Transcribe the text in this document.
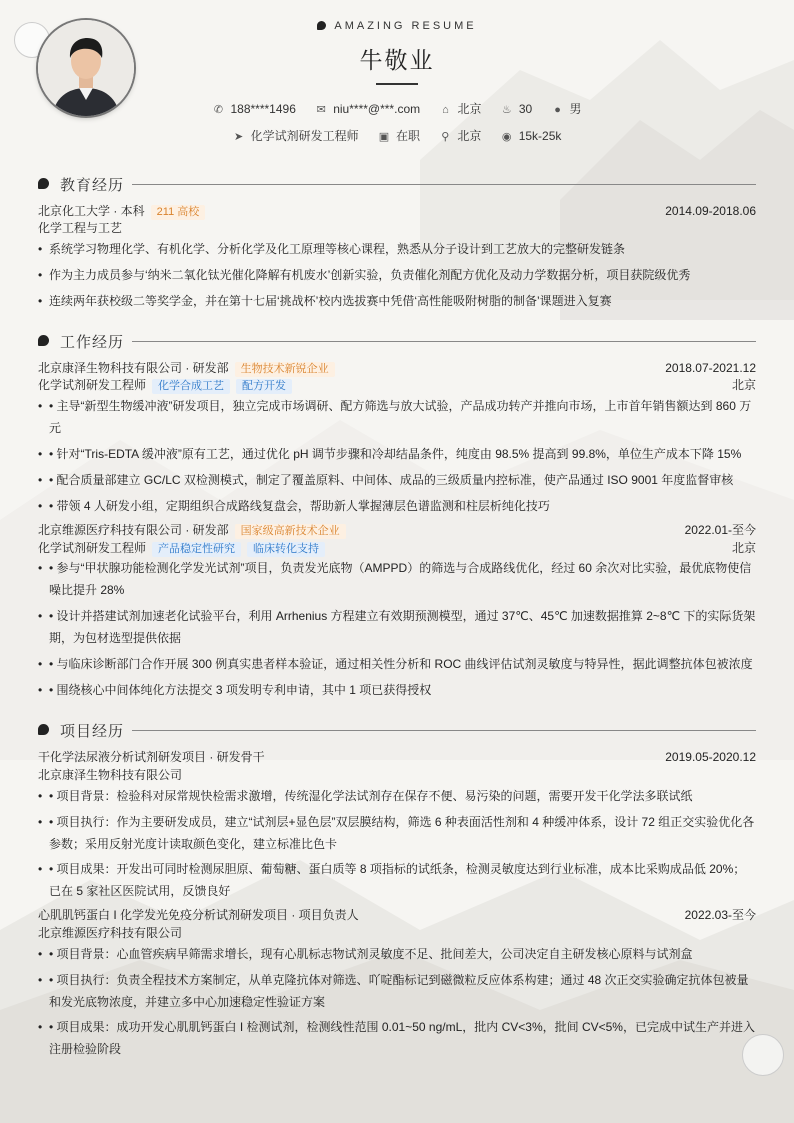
AMAZING RESUME
牛敬业
✆ 188****1496 ✉ niu****@***.com ⌂ 北京 ♨ 30 ● 男
➤ 化学试剂研发工程师 ▣ 在职 ⚲ 北京 ◉ 15k-25k
教育经历
北京化工大学 · 本科 211 高校	2014.09-2018.06
化学工程与工艺
• 系统学习物理化学、有机化学、分析化学及化工原理等核心课程，熟悉从分子设计到工艺放大的完整研发链条
• 作为主力成员参与‘纳米二氧化钛光催化降解有机废水’创新实验，负责催化剂配方优化及动力学数据分析，项目获院级优秀
• 连续两年获校级二等奖学金，并在第十七届‘挑战杯’校内选拔赛中凭借‘高性能吸附树脂的制备’课题进入复赛
工作经历
北京康泽生物科技有限公司 · 研发部 生物技术新锐企业	2018.07-2021.12
化学试剂研发工程师 化学合成工艺 配方开发	北京
• • 主导“新型生物缓冲液”研发项目，独立完成市场调研、配方筛选与放大试验，产品成功转产并推向市场，上市首年销售额达到 860 万元
• • 针对“Tris-EDTA 缓冲液”原有工艺，通过优化 pH 调节步骤和冷却结晶条件，纯度由 98.5% 提高到 99.8%，单位生产成本下降 15%
• • 配合质量部建立 GC/LC 双检测模式，制定了覆盖原料、中间体、成品的三级质量内控标准，使产品通过 ISO 9001 年度监督审核
• • 带领 4 人研发小组，定期组织合成路线复盘会，帮助新人掌握薄层色谱监测和柱层析纯化技巧
北京维源医疗科技有限公司 · 研发部 国家级高新技术企业	2022.01-至今
化学试剂研发工程师 产品稳定性研究 临床转化支持	北京
• • 参与“甲状腺功能检测化学发光试剂”项目，负责发光底物（AMPPD）的筛选与合成路线优化，经过 60 余次对比实验，最优底物使信噪比提升 28%
• • 设计并搭建试剂加速老化试验平台，利用 Arrhenius 方程建立有效期预测模型，通过 37℃、45℃ 加速数据推算 2~8℃ 下的实际货架期，为包材选型提供依据
• • 与临床诊断部门合作开展 300 例真实患者样本验证，通过相关性分析和 ROC 曲线评估试剂灵敏度与特异性，据此调整抗体包被浓度
• • 围绕核心中间体纯化方法提交 3 项发明专利申请，其中 1 项已获得授权
项目经历
干化学法尿液分析试剂研发项目 · 研发骨干	2019.05-2020.12
北京康泽生物科技有限公司
• • 项目背景：检验科对尿常规快检需求激增，传统湿化学法试剂存在保存不便、易污染的问题，需要开发干化学法多联试纸
• • 项目执行：作为主要研发成员，建立“试剂层+显色层”双层膜结构，筛选 6 种表面活性剂和 4 种缓冲体系，设计 72 组正交实验优化各参数；采用反射光度计读取颜色变化，建立标准比色卡
• • 项目成果：开发出可同时检测尿胆原、葡萄糖、蛋白质等 8 项指标的试纸条，检测灵敏度达到行业标准，成本比采购成品低 20%；已在 5 家社区医院试用，反馈良好
心肌肌钙蛋白 I 化学发光免疫分析试剂研发项目 · 项目负责人	2022.03-至今
北京维源医疗科技有限公司
• • 项目背景：心血管疾病早筛需求增长，现有心肌标志物试剂灵敏度不足、批间差大，公司决定自主研发核心原料与试剂盒
• • 项目执行：负责全程技术方案制定，从单克隆抗体对筛选、吖啶酯标记到磁微粒反应体系构建；通过 48 次正交实验确定抗体包被量和发光底物浓度，并建立多中心加速稳定性验证方案
• • 项目成果：成功开发心肌肌钙蛋白 I 检测试剂，检测线性范围 0.01~50 ng/mL，批内 CV<3%，批间 CV<5%，已完成中试生产并进入注册检验阶段
